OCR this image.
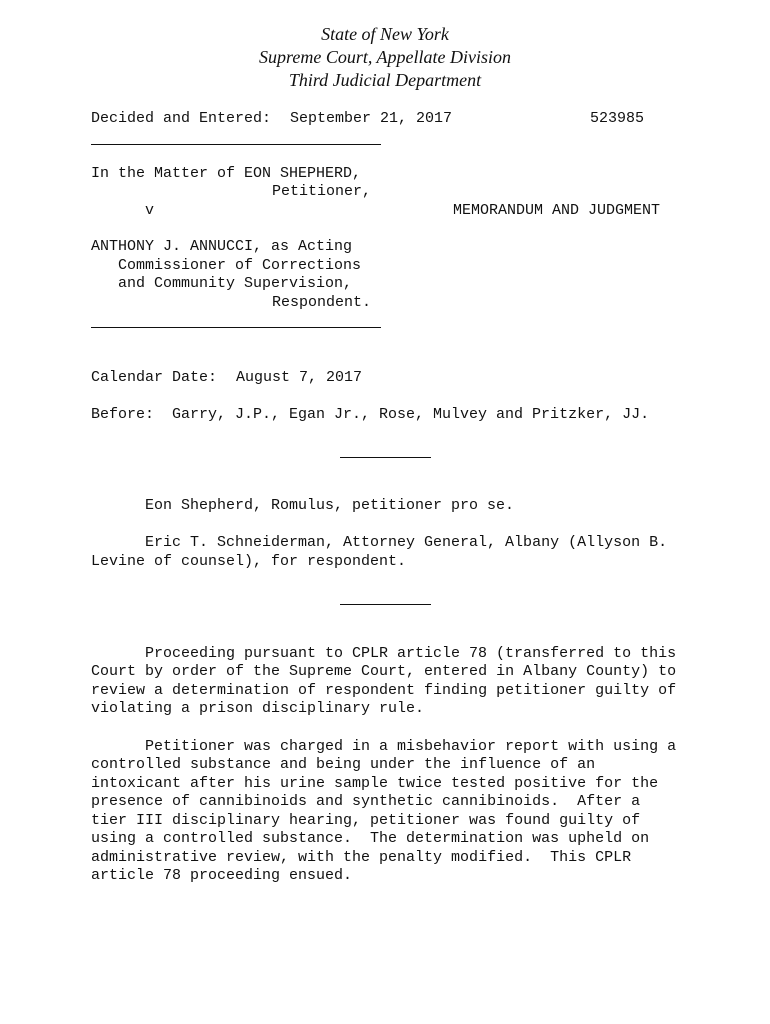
State of New York
Supreme Court, Appellate Division
Third Judicial Department
Decided and Entered: September 21, 2017	523985
In the Matter of EON SHEPHERD,
Petitioner,
v	MEMORANDUM AND JUDGMENT
ANTHONY J. ANNUCCI, as Acting
Commissioner of Corrections
and Community Supervision,
Respondent.
Calendar Date: August 7, 2017
Before: Garry, J.P., Egan Jr., Rose, Mulvey and Pritzker, JJ.
Eon Shepherd, Romulus, petitioner pro se.
Eric T. Schneiderman, Attorney General, Albany (Allyson B.
Levine of counsel), for respondent.
Proceeding pursuant to CPLR article 78 (transferred to this
Court by order of the Supreme Court, entered in Albany County) to
review a determination of respondent finding petitioner guilty of
violating a prison disciplinary rule.
Petitioner was charged in a misbehavior report with using a
controlled substance and being under the influence of an
intoxicant after his urine sample twice tested positive for the
presence of cannibinoids and synthetic cannibinoids.  After a
tier III disciplinary hearing, petitioner was found guilty of
using a controlled substance.  The determination was upheld on
administrative review, with the penalty modified.  This CPLR
article 78 proceeding ensued.
